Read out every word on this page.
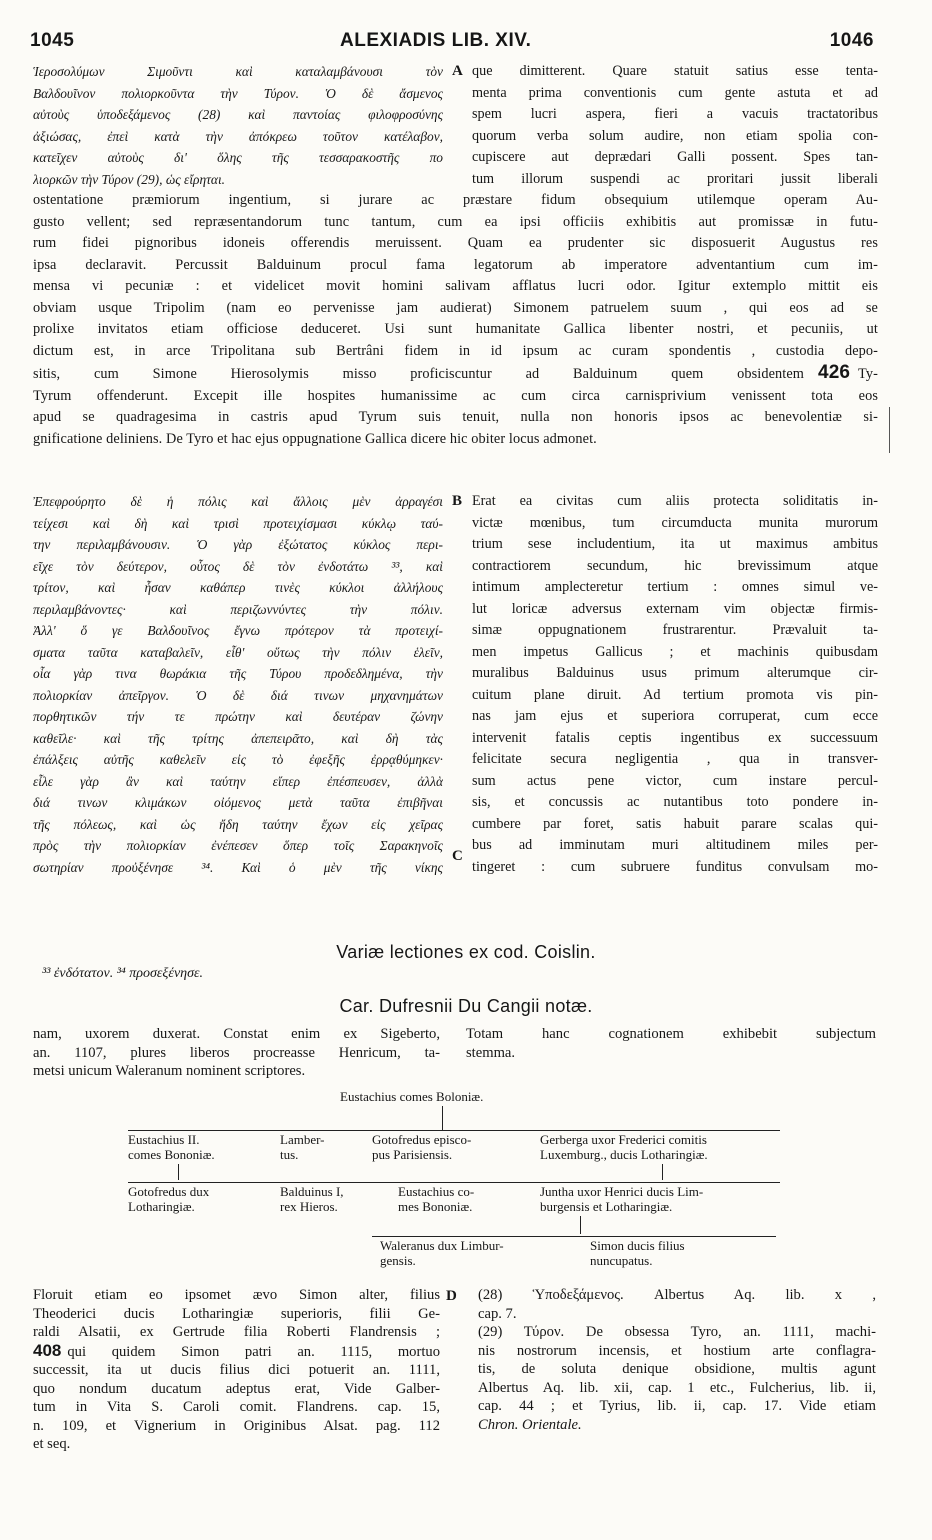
1045	ALEXIADIS LIB. XIV.	1046
Ἱεροσολύμων Σιμοῦντι καὶ καταλαμβάνουσι τὸν
Βαλδουῖνον πολιορκοῦντα τὴν Τύρον. Ὁ δὲ ἄσμενος
αὐτοὺς ὑποδεξάμενος (28) καὶ παντοίας φιλοφροσύνης
ἀξιώσας, ἐπεὶ κατὰ τὴν ἀπόκρεω τοῦτον κατέλαβον,
κατεῖχεν αὐτοὺς δι' ὅλης τῆς τεσσαρακοστῆς πο
λιορκῶν τὴν Τύρον (29), ὡς εἴρηται.
A que dimitterent. Quare statuit satius esse tenta-
menta prima conventionis cum gente astuta et ad
spem lucri aspera, fieri a vacuis tractatoribus
quorum verba solum audire, non etiam spolia con-
cupiscere aut deprædari Galli possent. Spes tan-
tum illorum suspendi ac proritari jussit liberali
ostentatione præmiorum ingentium, si jurare ac præstare fidum obsequium utilemque operam Au-
gusto vellent; sed repræsentandorum tunc tantum, cum ea ipsi officiis exhibitis aut promissæ in futu-
rum fidei pignoribus idoneis offerendis meruissent. Quam ea prudenter sic disposuerit Augustus res
ipsa declaravit. Percussit Balduinum procul fama legatorum ab imperatore adventantium cum im-
mensa vi pecuniæ : et videlicet movit homini salivam afflatus lucri odor. Igitur extemplo mittit eis
obviam usque Tripolim (nam eo pervenisse jam audierat) Simonem patruelem suum , qui eos ad se
prolixe invitatos etiam officiose deduceret. Usi sunt humanitate Gallica libenter nostri, et pecuniis, ut
dictum est, in arce Tripolitana sub Bertrâni fidem in id ipsum ac curam spondentis , custodia depo-
sitis, cum Simone Hierosolymis misso proficiscuntur ad Balduinum quem obsidentem 426 Ty-
Tyrum offenderunt. Excepit ille hospites humanissime ac cum circa carnisprivium venissent tota eos
apud se quadragesima in castris apud Tyrum suis tenuit, nulla non honoris ipsos ac benevolentiæ si-
gnificatione deliniens. De Tyro et hac ejus oppugnatione Gallica dicere hic obiter locus admonet.
Ἐπεφρούρητο δὲ ἡ πόλις καὶ ἄλλοις μὲν ἀρραγέσι
τείχεσι καὶ δὴ καὶ τρισὶ προτειχίσμασι κύκλῳ ταύ-
την περιλαμβάνουσιν. Ὁ γὰρ ἐξώτατος κύκλος περι-
εῖχε τὸν δεύτερον, οὗτος δὲ τὸν ἐνδοτάτω ³³, καὶ
τρίτον, καὶ ἦσαν καθάπερ τινὲς κύκλοι ἀλλήλους
περιλαμβάνοντες· καὶ περιζωννύντες τὴν πόλιν.
Ἀλλ' ὅ γε Βαλδουῖνος ἔγνω πρότερον τὰ προτειχί-
σματα ταῦτα καταβαλεῖν, εἶθ' οὕτως τὴν πόλιν ἑλεῖν,
οἷα γὰρ τινα θωράκια τῆς Τύρου προδεδλημένα, τὴν
πολιορκίαν ἀπεῖργον. Ὁ δὲ διά τινων μηχανημάτων
πορθητικῶν τήν τε πρώτην καὶ δευτέραν ζώνην
καθεῖλε· καὶ τῆς τρίτης ἀπεπειρᾶτο, καὶ δὴ τὰς
ἐπάλξεις αὐτῆς καθελεῖν εἰς τὸ ἐφεξῆς ἐρρᾳθύμηκεν·
εἶλε γὰρ ἂν καὶ ταύτην εἴπερ ἐπέσπευσεν, ἀλλὰ
διά τινων κλιμάκων οἰόμενος μετὰ ταῦτα ἐπιβῆναι
τῆς πόλεως, καὶ ὡς ἤδη ταύτην ἔχων εἰς χεῖρας
πρὸς τὴν πολιορκίαν ἐνέπεσεν ὅπερ τοῖς Σαρακηνοῖς
σωτηρίαν προὐξένησε ³⁴. Καὶ ὁ μὲν τῆς νίκης
B
C
Erat ea civitas cum aliis protecta soliditatis in-
victæ mœnibus, tum circumducta munita murorum
trium sese includentium, ita ut maximus ambitus
contractiorem secundum, hic brevissimum atque
intimum amplecteretur tertium : omnes simul ve-
lut loricæ adversus externam vim objectæ firmis-
simæ oppugnationem frustrarentur. Prævaluit ta-
men impetus Gallicus ; et machinis quibusdam
muralibus Balduinus usus primum alterumque cir-
cuitum plane diruit. Ad tertium promota vis pin-
nas jam ejus et superiora corruperat, cum ecce
intervenit fatalis ceptis ingentibus ex successuum
felicitate secura negligentia , qua in transver-
sum actus pene victor, cum instare percul-
sis, et concussis ac nutantibus toto pondere in-
cumbere par foret, satis habuit parare scalas qui-
bus ad imminutam muri altitudinem miles per-
tingeret : cum subruere funditus convulsam mo-
Variæ lectiones ex cod. Coislin.
³³ ἐνδότατον. ³⁴ προσεξένησε.
Car. Dufresnii Du Cangii notæ.
nam, uxorem duxerat. Constat enim ex Sigeberto,
an. 1107, plures liberos procreasse Henricum, ta-
metsi unicum Waleranum nominent scriptores.
Totam hanc cognationem exhibebit subjectum
stemma.
Eustachius comes Boloniæ.
Eustachius II.
comes Bononiæ.
Lamber-
tus.
Gotofredus episco-
pus Parisiensis.
Gerberga uxor Frederici comitis
Luxemburg., ducis Lotharingiæ.
Gotofredus dux
Lotharingiæ.
Balduinus I,
rex Hieros.
Eustachius co-
mes Bononiæ.
Juntha uxor Henrici ducis Lim-
burgensis et Lotharingiæ.
Waleranus dux Limbur-
gensis.
Simon ducis filius
nuncupatus.
D
Floruit etiam eo ipsomet ævo Simon alter, filius
Theoderici ducis Lotharingiæ superioris, filii Ge-
raldi Alsatii, ex Gertrude filia Roberti Flandrensis ;
408 qui quidem Simon patri an. 1115, mortuo
successit, ita ut ducis filius dici potuerit an. 1111,
quo nondum ducatum adeptus erat, Vide Galber-
tum in Vita S. Caroli comit. Flandrens. cap. 15,
n. 109, et Vignerium in Originibus Alsat. pag. 112
et seq.
(28) Ὑποδεξάμενος. Albertus Aq. lib. x ,
cap. 7.
(29) Τύρον. De obsessa Tyro, an. 1111, machi-
nis nostrorum incensis, et hostium arte conflagra-
tis, de soluta denique obsidione, multis agunt
Albertus Aq. lib. xii, cap. 1 etc., Fulcherius, lib. ii,
cap. 44 ; et Tyrius, lib. ii, cap. 17. Vide etiam
Chron. Orientale.
